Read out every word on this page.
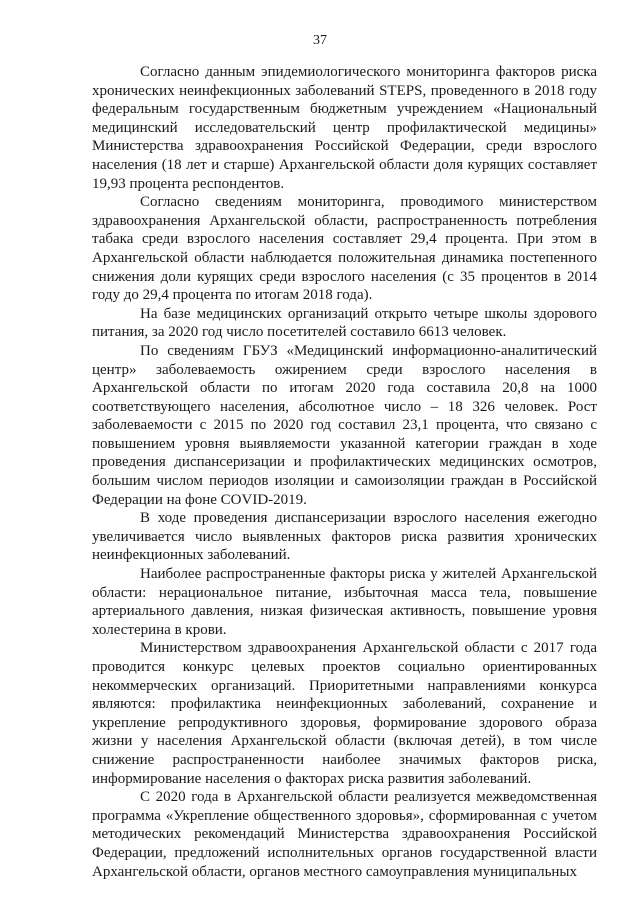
37

Согласно данным эпидемиологического мониторинга факторов риска хронических неинфекционных заболеваний STEPS, проведенного в 2018 году федеральным государственным бюджетным учреждением «Национальный медицинский исследовательский центр профилактической медицины» Министерства здравоохранения Российской Федерации, среди взрослого населения (18 лет и старше) Архангельской области доля курящих составляет 19,93 процента респондентов.

Согласно сведениям мониторинга, проводимого министерством здравоохранения Архангельской области, распространенность потребления табака среди взрослого населения составляет 29,4 процента. При этом в Архангельской области наблюдается положительная динамика постепенного снижения доли курящих среди взрослого населения (с 35 процентов в 2014 году до 29,4 процента по итогам 2018 года).

На базе медицинских организаций открыто четыре школы здорового питания, за 2020 год число посетителей составило 6613 человек.

По сведениям ГБУЗ «Медицинский информационно-аналитический центр» заболеваемость ожирением среди взрослого населения в Архангельской области по итогам 2020 года составила 20,8 на 1000 соответствующего населения, абсолютное число – 18 326 человек. Рост заболеваемости с 2015 по 2020 год составил 23,1 процента, что связано с повышением уровня выявляемости указанной категории граждан в ходе проведения диспансеризации и профилактических медицинских осмотров, большим числом периодов изоляции и самоизоляции граждан в Российской Федерации на фоне COVID-2019.

В ходе проведения диспансеризации взрослого населения ежегодно увеличивается число выявленных факторов риска развития хронических неинфекционных заболеваний.

Наиболее распространенные факторы риска у жителей Архангельской области: нерациональное питание, избыточная масса тела, повышение артериального давления, низкая физическая активность, повышение уровня холестерина в крови.

Министерством здравоохранения Архангельской области с 2017 года проводится конкурс целевых проектов социально ориентированных некоммерческих организаций. Приоритетными направлениями конкурса являются: профилактика неинфекционных заболеваний, сохранение и укрепление репродуктивного здоровья, формирование здорового образа жизни у населения Архангельской области (включая детей), в том числе снижение распространенности наиболее значимых факторов риска, информирование населения о факторах риска развития заболеваний.

С 2020 года в Архангельской области реализуется межведомственная программа «Укрепление общественного здоровья», сформированная с учетом методических рекомендаций Министерства здравоохранения Российской Федерации, предложений исполнительных органов государственной власти Архангельской области, органов местного самоуправления муниципальных
